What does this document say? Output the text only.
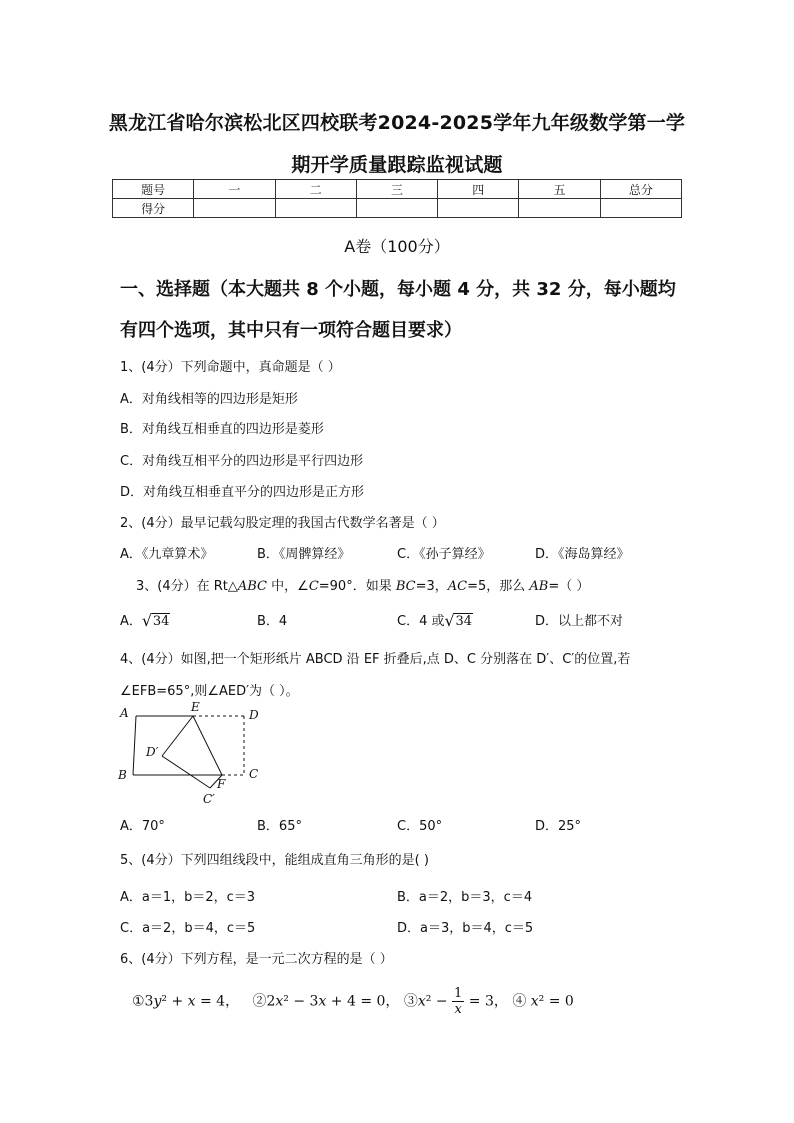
黑龙江省哈尔滨松北区四校联考2024-2025学年九年级数学第一学
期开学质量跟踪监视试题
题号	一	二	三	四	五	总分
得分						
A卷（100分）
一、选择题（本大题共 8 个小题，每小题 4 分，共 32 分，每小题均
有四个选项，其中只有一项符合题目要求）
1、(4分）下列命题中，真命题是（ ）
A．对角线相等的四边形是矩形
B．对角线互相垂直的四边形是菱形
C．对角线互相平分的四边形是平行四边形
D．对角线互相垂直平分的四边形是正方形
2、(4分）最早记载勾股定理的我国古代数学名著是（ ）
A．《九章算术》	B．《周髀算经》	C．《孙子算经》	D．《海岛算经》
3、(4分）在 Rt△ABC 中，∠C=90°．如果 BC=3，AC=5，那么 AB=（ ）
A． √ 34	B．4	C．4 或 √ 34	D．以上都不对
4、(4分）如图,把一个矩形纸片 ABCD 沿 EF 折叠后,点 D、C 分别落在 D′、C′的位置,若
∠EFB=65°,则∠AED′为（ ）。
A	E
D
D′
B
F
C
C′
A．70°	B．65°	C．50°	D．25°
5、(4分）下列四组线段中，能组成直角三角形的是( )
A．a＝1，b＝2，c＝3	B．a＝2，b＝3，c＝4
C．a＝2，b＝4，c＝5	D．a＝3，b＝4，c＝5
6、(4分）下列方程，是一元二次方程的是（ ）
①3y² + x = 4， ②2x² − 3x + 4 = 0， ③x² − $\frac{1}{x} = 3$， ④ x² = 0
